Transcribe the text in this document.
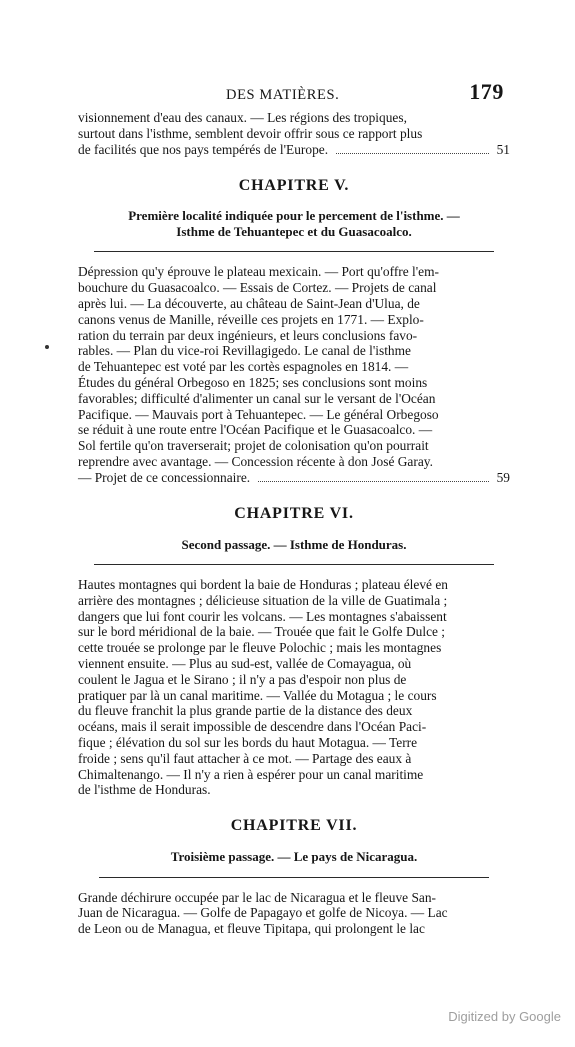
DES MATIÈRES.	179
visionnement d'eau des canaux. — Les régions des tropiques,
surtout dans l'isthme, semblent devoir offrir sous ce rapport plus
de facilités que nos pays tempérés de l'Europe.	51
CHAPITRE V.
Première localité indiquée pour le percement de l'isthme. —
Isthme de Tehuantepec et du Guasacoalco.
Dépression qu'y éprouve le plateau mexicain. — Port qu'offre l'em-
bouchure du Guasacoalco. — Essais de Cortez. — Projets de canal
après lui. — La découverte, au château de Saint-Jean d'Ulua, de
canons venus de Manille, réveille ces projets en 1771. — Explo-
ration du terrain par deux ingénieurs, et leurs conclusions favo-
rables. — Plan du vice-roi Revillagigedo. Le canal de l'isthme
de Tehuantepec est voté par les cortès espagnoles en 1814. —
Études du général Orbegoso en 1825; ses conclusions sont moins
favorables; difficulté d'alimenter un canal sur le versant de l'Océan
Pacifique. — Mauvais port à Tehuantepec. — Le général Orbegoso
se réduit à une route entre l'Océan Pacifique et le Guasacoalco. —
Sol fertile qu'on traverserait; projet de colonisation qu'on pourrait
reprendre avec avantage. — Concession récente à don José Garay.
— Projet de ce concessionnaire.	59
CHAPITRE VI.
Second passage. — Isthme de Honduras.
Hautes montagnes qui bordent la baie de Honduras ; plateau élevé en
arrière des montagnes ; délicieuse situation de la ville de Guatimala ;
dangers que lui font courir les volcans. — Les montagnes s'abaissent
sur le bord méridional de la baie. — Trouée que fait le Golfe Dulce ;
cette trouée se prolonge par le fleuve Polochic ; mais les montagnes
viennent ensuite. — Plus au sud-est, vallée de Comayagua, où
coulent le Jagua et le Sirano ; il n'y a pas d'espoir non plus de
pratiquer par là un canal maritime. — Vallée du Motagua ; le cours
du fleuve franchit la plus grande partie de la distance des deux
océans, mais il serait impossible de descendre dans l'Océan Paci-
fique ; élévation du sol sur les bords du haut Motagua. — Terre
froide ; sens qu'il faut attacher à ce mot. — Partage des eaux à
Chimaltenango. — Il n'y a rien à espérer pour un canal maritime
de l'isthme de Honduras.
CHAPITRE VII.
Troisième passage. — Le pays de Nicaragua.
Grande déchirure occupée par le lac de Nicaragua et le fleuve San-
Juan de Nicaragua. — Golfe de Papagayo et golfe de Nicoya. — Lac
de Leon ou de Managua, et fleuve Tipitapa, qui prolongent le lac
Digitized by Google
